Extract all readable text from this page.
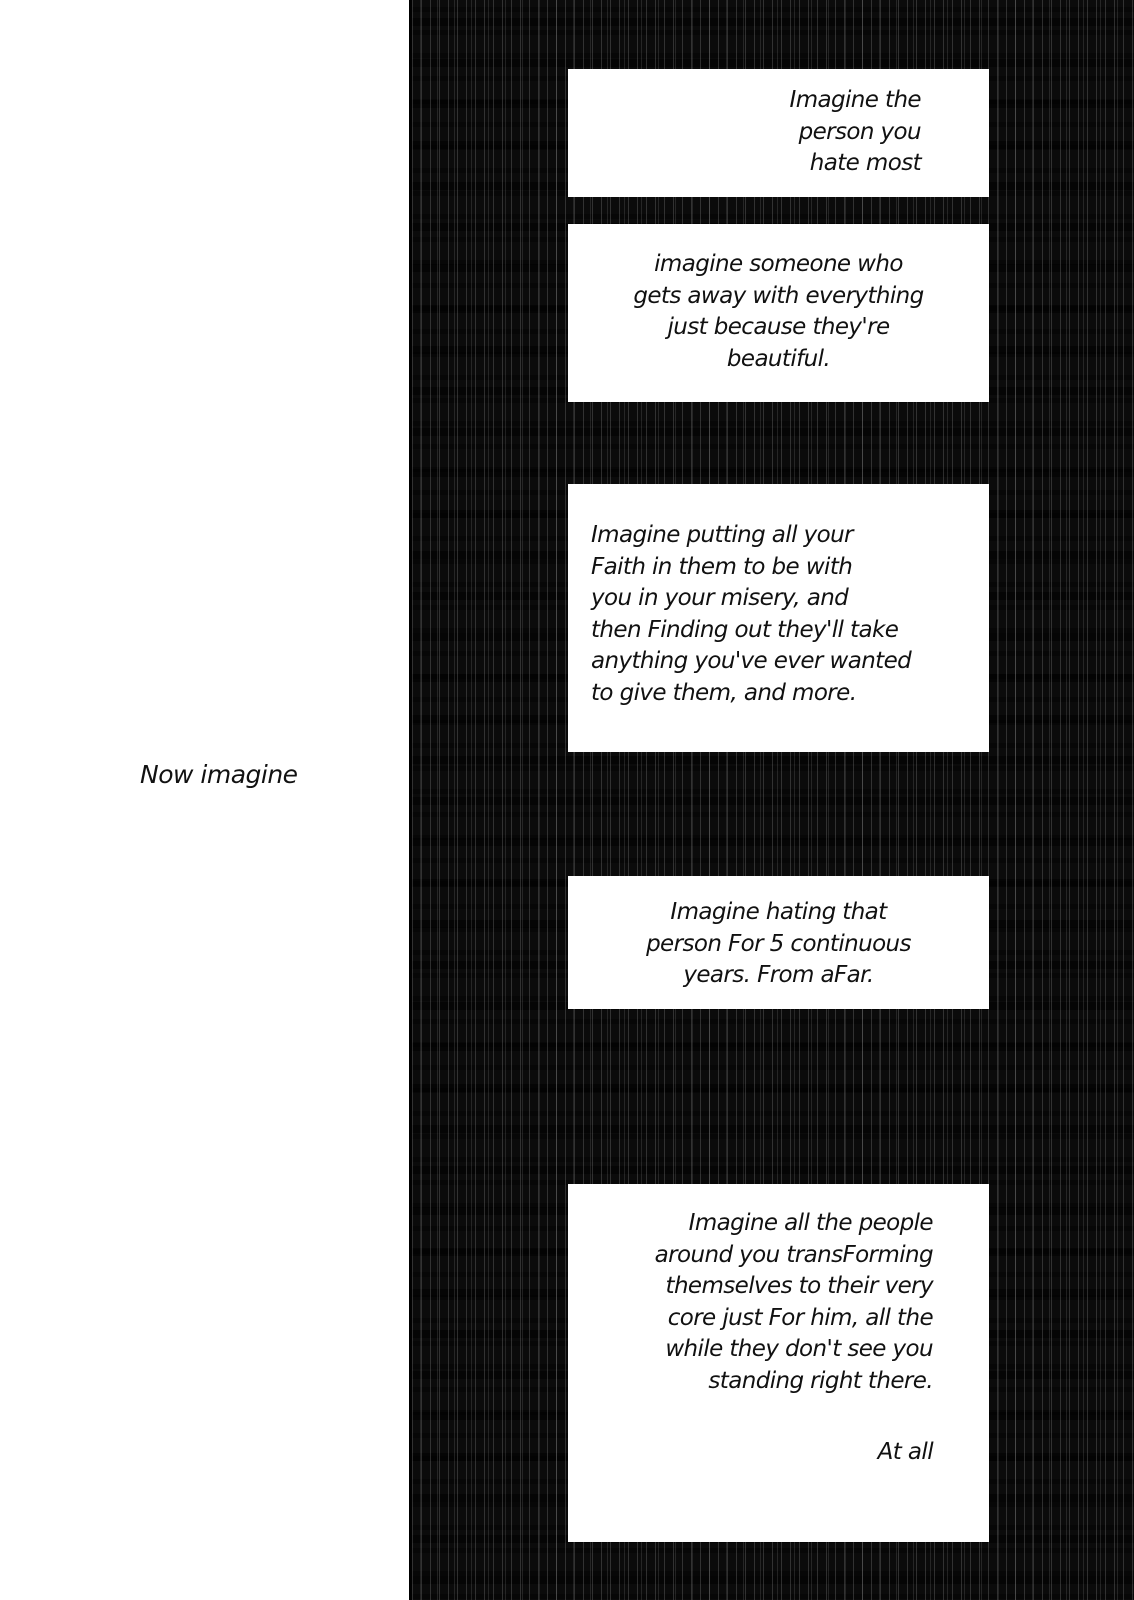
Now imagine
Imagine the
person you
hate most
imagine someone who
gets away with everything
just because they're
beautiful.
Imagine putting all your
Faith in them to be with
you in your misery, and
then Finding out they'll take
anything you've ever wanted
to give them, and more.
Imagine hating that
person For 5 continuous
years. From aFar.
Imagine all the people
around you transForming
themselves to their very
core just For him, all the
while they don't see you
standing right there.
At all
